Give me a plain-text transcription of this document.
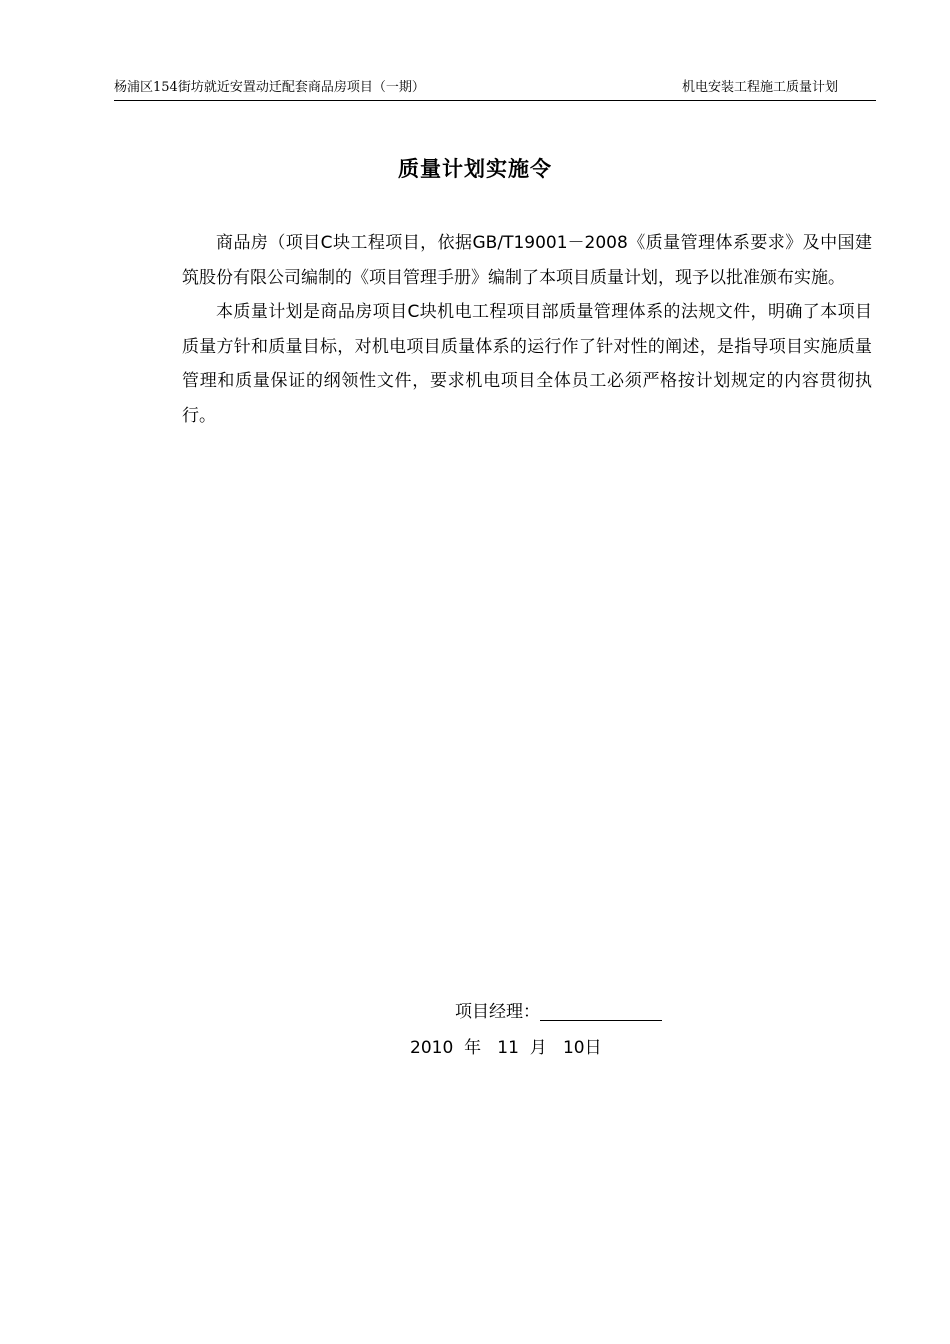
杨浦区154街坊就近安置动迁配套商品房项目（一期）	机电安装工程施工质量计划
质量计划实施令

商品房（项目C块工程项目，依据GB/T19001－2008《质量管理体系要求》及中国建筑股份有限公司编制的《项目管理手册》编制了本项目质量计划，现予以批准颁布实施。

本质量计划是商品房项目C块机电工程项目部质量管理体系的法规文件，明确了本项目质量方针和质量目标，对机电项目质量体系的运行作了针对性的阐述，是指导项目实施质量管理和质量保证的纲领性文件，要求机电项目全体员工必须严格按计划规定的内容贯彻执行。

项目经理：
2010 年 11 月 10日
